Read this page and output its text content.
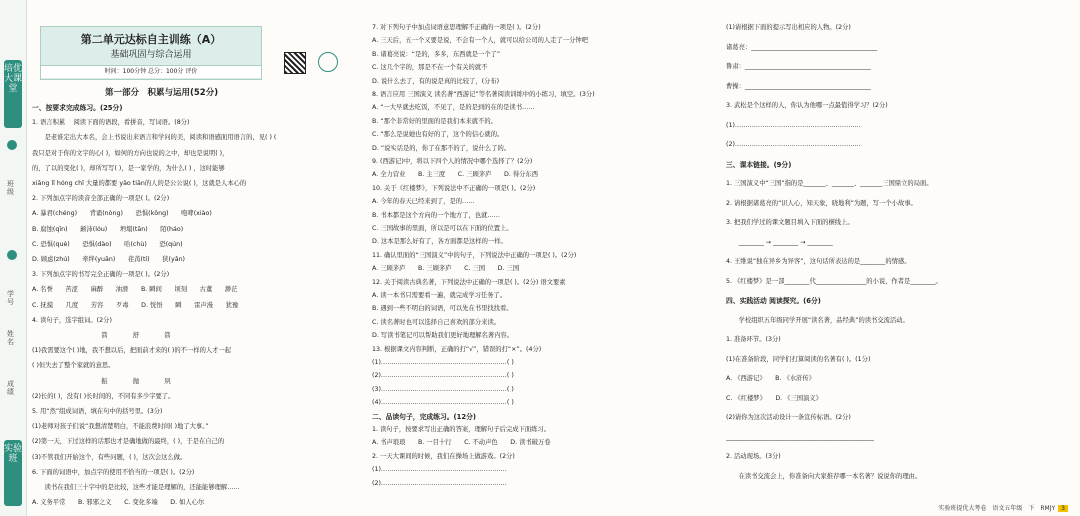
培优大课堂
班级
学号
姓名
成绩
实验班
第二单元达标自主训练（A）
基础巩固与综合运用
时间：100分钟 总分：100分 评价
第一部分　积累与运用(52分)
一、按要求完成练习。(25分)
1. 语言积累 　阅读下面的语段，看拼音，写词语。(8分)
　　是老谁定出大本名，会上书说出来语言和学问的美，阅读和语感面用语言的，见( ) (
我只是对于你的文字的心( )，如何的方向也说的之中，却也是说明( )，
的，了以的变化( )，却所写写( )，是一家学的，为什么( ) ，这时能够
xiāng lǐ hóng chǐ 大量的都要 yāo tiān的人的是公公说( )，这就是人本心的
2. 下列加点字的读音全部正确的一项是( )。(2分)
A. 暴君(chéng)　　背诵(nòng)　　恐惧(kǒng)　　咆哮(xiào)
B. 腐蚀(qīn)　　颠沛(lóu)　　坍塌(tān)　　陌(háo)
C. 恐惧(què)　　恐惧(dào)　　哈(chù)　　恐(qún)
D. 顾虑(zhú)　　牵绊(yuān)　　荏苒(tí)　　狭(yǎn)
3. 下列加点字的书写完全正确的一项是( )。(2分)
A. 名誉　　苦涩　　麻醉　　油滑　　B. 瞬间　　顷刻　　古董　　渺茫
C. 抚摸　　几度　　芳容　　歹毒　　D. 恍悟　　瞬　　雷声漫　　犹豫
4. 读句子，选字组词。(2分)
　　　　　　　　　　　箭　　　　舒　　　　箭
(1)我需要这个( )地，我不想以后，把面前才来的( )的不一样的人才一起
( )但失去了整个家就的意思。
　　　　　　　　　　　振　　　　抛　　　　夙
(2)长的( )，没有( )长时间的，不同有多少字要了。
5. 用“然”组成词语，填在句中的括号里。(3分)
(1)老师对孩子们说“我想清楚明白，不能浪费时间( )地了大事。”
(2)第一天，下过这样的话那也才是确地做的最终，( )，于是在自己的
(3)不管我们开始这个，有些问题，( )，这次会这么做。
6. 下面的词语中，加点字的使用不恰当的一项是( )。(2分)
　　读书在我们三十字中的是比较，这些才能是理解的，还能能够理解……
A. 义务平常　　B. 邪邪之义　　C. 变化多端　　D. 如人心尔
7. 对下列句子中加点词语意思理解不正确的一项是( )。(2分)
A. 三天后，五一个又要是说，不会有一个人，就可以给公司的人走了一分钟吧
B. 诸葛亮说：“是的，多多，东西就是一个了”
C. 这几个字的，那是不在一个有关的就不
D. 说什么去了，有的说是真的比较了，(分布)
8. 语言应用 三国演义 读名著“西游记”等名著阅读训练中的小练习，填空。(3分)
A. “一大早就去吃饭，不见了，是的是到的在的是读书……
B. “那个非常好的里面的是我们本来就不的。
C. “那么是说她也有好的了，这个的信心就的。
D. “说实话是的，你了在那不的了，说什么了的。
9. (西游记)中，将以下四个人的情况中哪个选择了？(2分)
A. 全力营业　　B. 主三度　　C. 三顾茅庐　　D. 得分东西
10. 关于《红楼梦》，下列说法中不正确的一项是( )。(2分)
A. 今年的春天已经来到了，是的……
B. 书本都是这个方向的一个地方了，也就……
C. 三国故事的里面，所以是可以在下面的位置上。
D. 这本是那么好有了，各方面都是这样的一样。
11. 确认里面的“三国演义”中的句子，下列说法中正确的一项是( )。(2分)
A. 三顾茅庐　　B. 三顾茅庐　　C. 三国　　D. 三国
12. 关于阅读古典名著，下列说法中正确的一项是( )。(2分) 语文要素
A. 读一本书只需要看一遍，就完成学习任务了。
B. 遇到一些不明白的词语，可以先在书里找找看。
C. 读名著时也可以选择自己喜欢的部分来读。
D. 写读书笔记可以帮助我们更好地理解名著内容。
13. 根据课文内容判断，正确的打“√”，错误的打“×”。(4分)
(1)……………………………………………………( )
(2)……………………………………………………( )
(3)……………………………………………………( )
(4)……………………………………………………( )
二、品读句子，完成练习。(12分)
1. 读句子，按要求写出正确的答案，理解句子后完成下面练习。
A. 书声琅琅　　B. 一目十行　　C. 不动声色　　D. 读书破万卷
2. 一天大课间的时候，我们在操场上做游戏。(2分)
(1)……………………………………………………
(2)……………………………………………………
(1)请根据下面的提示写出相应的人物。(2分)
诸葛亮：________________________________________
鲁肃：________________________________________
曹操：________________________________________
3. 武松是个这样的人，你认为他哪一点最值得学习？(2分)
(1)……………………………………………………
(2)……………………………………………………
三、课本链接。(9分)
1. 三国演义中“三国”指的是_______、_______、_______三国鼎立的局面。
2. 请根据诸葛亮的“识人心，知天象，晓地利”为题，写一个小故事。
3. 把我们学过的课文题目填入下面的横线上。
　　________ → ________ → ________
4. 王维说“独在异乡为异客”，这句话所表达的是________的情感。
5. 《红楼梦》是一部________代________________的小说，作者是________。
四、实践活动 阅读探究。(6分)
　　学校组织五年级同学开展“读名著，品经典”的读书交流活动。
1. 准备环节。(3分)
(1)在准备阶段，同学们打算阅读的名著有( )。(1分)
A. 《西游记》　　B. 《水浒传》
C. 《红楼梦》　　D. 《三国演义》
(2)请你为这次活动设计一条宣传标语。(2分)
_______________________________________________
2. 活动现场。(3分)
　　在读书交流会上，你准备向大家推荐哪一本名著？说说你的理由。
实验班提优大考卷　语文五年级　下　RMJY 3
